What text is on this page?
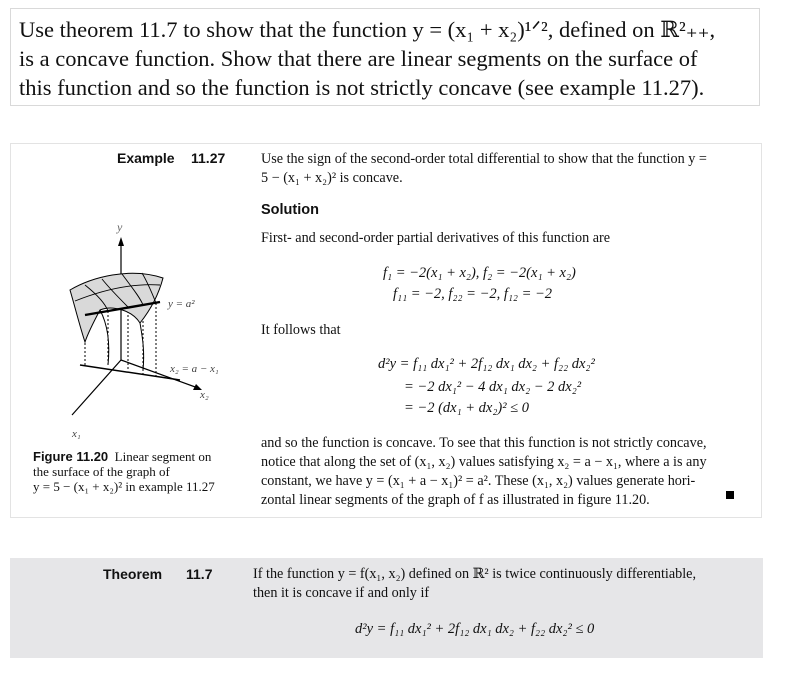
Use theorem 11.7 to show that the function y = (x₁ + x₂)¹ᐟ², defined on ℝ²₊₊,
is a concave function. Show that there are linear segments on the surface of
this function and so the function is not strictly concave (see example 11.27).
Example 11.27	Use the sign of the second-order total differential to show that the function y =
5 − (x₁ + x₂)² is concave.
Solution
First- and second-order partial derivatives of this function are
f₁ = −2(x₁ + x₂), f₂ = −2(x₁ + x₂)
f₁₁ = −2, f₂₂ = −2, f₁₂ = −2
It follows that
d²y = f₁₁ dx₁² + 2f₁₂ dx₁ dx₂ + f₂₂ dx₂²
= −2 dx₁² − 4 dx₁ dx₂ − 2 dx₂²
= −2 (dx₁ + dx₂)² ≤ 0
and so the function is concave. To see that this function is not strictly concave,
notice that along the set of (x₁, x₂) values satisfying x₂ = a − x₁, where a is any
constant, we have y = (x₁ + a − x₁)² = a². These (x₁, x₂) values generate hori-
zontal linear segments of the graph of f as illustrated in figure 11.20.
y
y = a²
x₂ = a − x₁
x₂
x₁
Figure 11.20 Linear segment on
the surface of the graph of
y = 5 − (x₁ + x₂)² in example 11.27
Theorem 11.7	If the function y = f(x₁, x₂) defined on ℝ² is twice continuously differentiable,
then it is concave if and only if
d²y = f₁₁ dx₁² + 2f₁₂ dx₁ dx₂ + f₂₂ dx₂² ≤ 0
